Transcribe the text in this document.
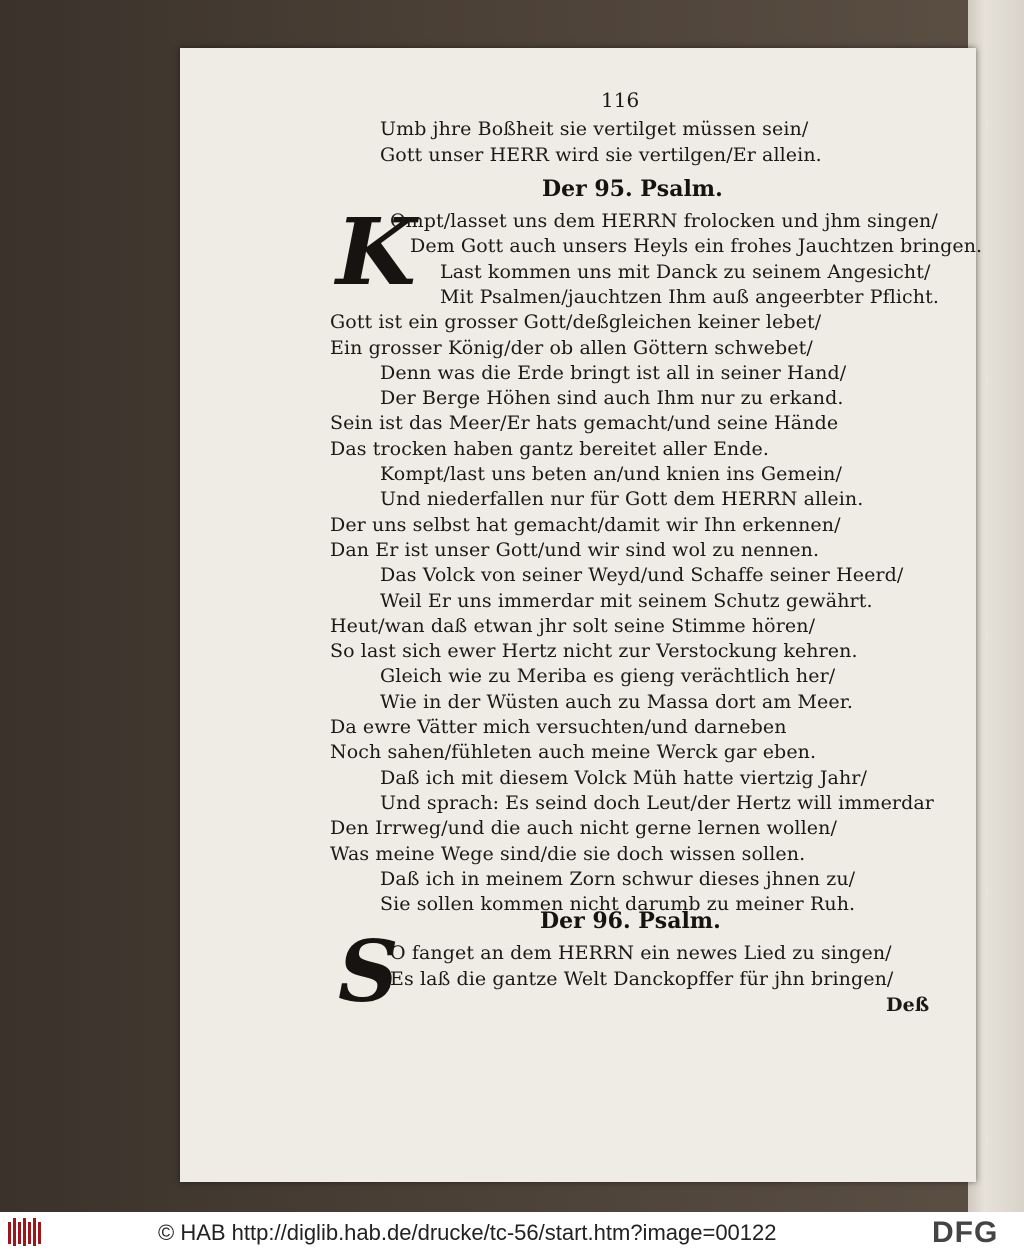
116
Umb jhre Boßheit sie vertilget müssen sein/
Gott unser HERR wird sie vertilgen/Er allein.
Der 95. Psalm.
K
Ompt/lasset uns dem HERRN frolocken und jhm singen/
Dem Gott auch unsers Heyls ein frohes Jauchtzen bringen.
Last kommen uns mit Danck zu seinem Angesicht/
Mit Psalmen/jauchtzen Ihm auß angeerbter Pflicht.
Gott ist ein grosser Gott/deßgleichen keiner lebet/
Ein grosser König/der ob allen Göttern schwebet/
Denn was die Erde bringt ist all in seiner Hand/
Der Berge Höhen sind auch Ihm nur zu erkand.
Sein ist das Meer/Er hats gemacht/und seine Hände
Das trocken haben gantz bereitet aller Ende.
Kompt/last uns beten an/und knien ins Gemein/
Und niederfallen nur für Gott dem HERRN allein.
Der uns selbst hat gemacht/damit wir Ihn erkennen/
Dan Er ist unser Gott/und wir sind wol zu nennen.
Das Volck von seiner Weyd/und Schaffe seiner Heerd/
Weil Er uns immerdar mit seinem Schutz gewährt.
Heut/wan daß etwan jhr solt seine Stimme hören/
So last sich ewer Hertz nicht zur Verstockung kehren.
Gleich wie zu Meriba es gieng verächtlich her/
Wie in der Wüsten auch zu Massa dort am Meer.
Da ewre Vätter mich versuchten/und darneben
Noch sahen/fühleten auch meine Werck gar eben.
Daß ich mit diesem Volck Müh hatte viertzig Jahr/
Und sprach: Es seind doch Leut/der Hertz will immerdar
Den Irrweg/und die auch nicht gerne lernen wollen/
Was meine Wege sind/die sie doch wissen sollen.
Daß ich in meinem Zorn schwur dieses jhnen zu/
Sie sollen kommen nicht darumb zu meiner Ruh.
Der 96. Psalm.
S
O fanget an dem HERRN ein newes Lied zu singen/
Es laß die gantze Welt Danckopffer für jhn bringen/
Deß
© HAB http://diglib.hab.de/drucke/tc-56/start.htm?image=00122	DFG
